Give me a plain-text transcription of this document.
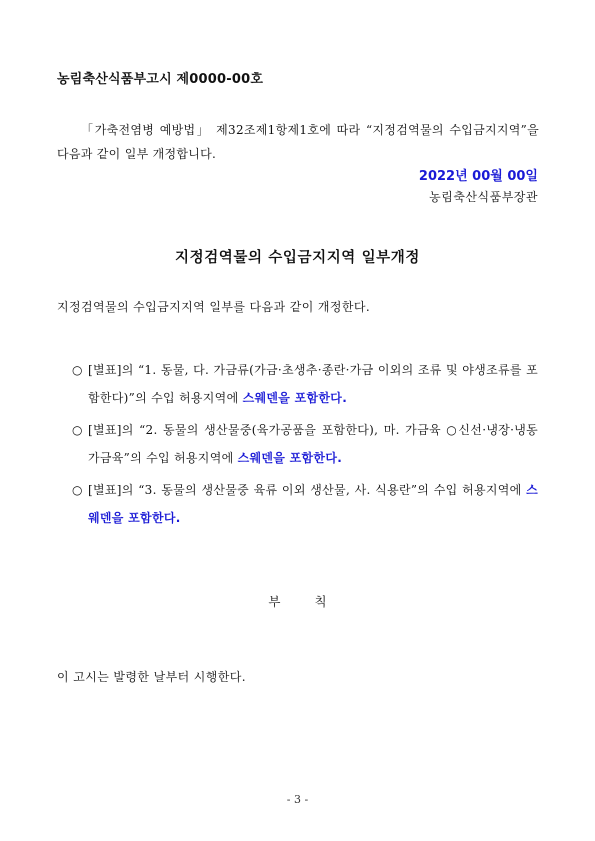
농림축산식품부고시 제0000-00호
「가축전염병 예방법」 제32조제1항제1호에 따라 “지정검역물의 수입금지지역”을 다음과 같이 일부 개정합니다.
2022년 00월 00일
농림축산식품부장관
지정검역물의 수입금지지역 일부개정
지정검역물의 수입금지지역 일부를 다음과 같이 개정한다.
○ [별표]의 “1. 동물, 다. 가금류(가금·초생추·종란·가금 이외의 조류 및 야생조류를 포함한다)”의 수입 허용지역에 스웨덴을 포함한다.
○ [별표]의 “2. 동물의 생산물중(육가공품을 포함한다), 마. 가금육 ○신선·냉장·냉동 가금육”의 수입 허용지역에 스웨덴을 포함한다.
○ [별표]의 “3. 동물의 생산물중 육류 이외 생산물, 사. 식용란”의 수입 허용지역에 스웨덴을 포함한다.
부	칙
이 고시는 발령한 날부터 시행한다.
- 3 -
